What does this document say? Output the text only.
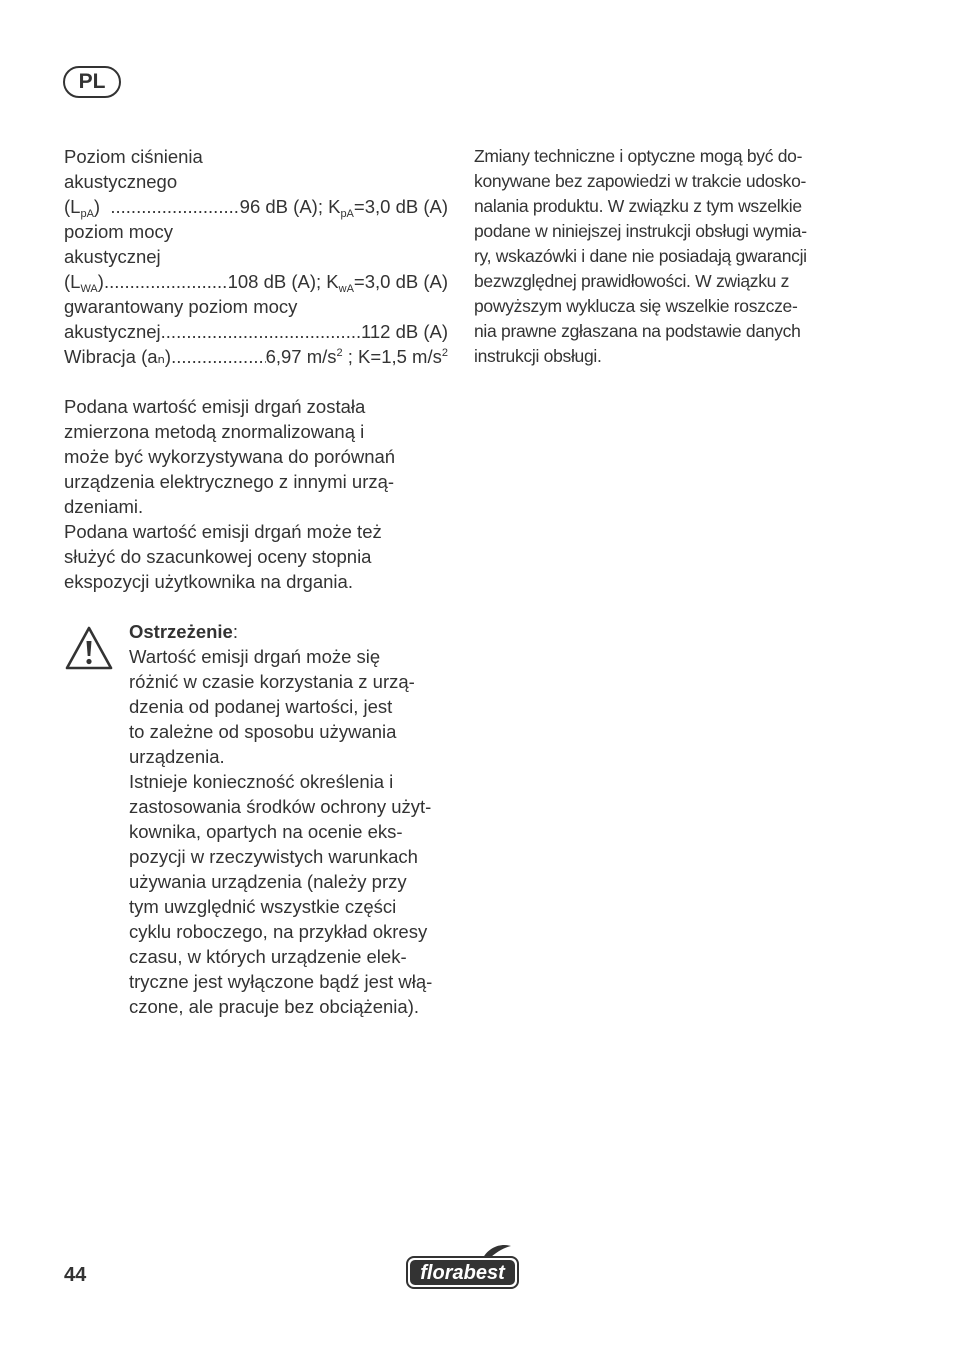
PL
Poziom ciśnienia
akustycznego
$(L_{pA})$ .....	96 dB (A); $K_{pA}=3,0$ dB (A)
poziom mocy
akustycznej
$(L_{WA})$ .....	108 dB (A); $K_{wA}=3,0$ dB (A)
gwarantowany poziom mocy
akustycznej .....	112 dB (A)
Wibracja (aₙ) .....	6,97 $m/s^2$ ; K=1,5 $m/s^2$
Podana wartość emisji drgań została
zmierzona metodą znormalizowaną i
może być wykorzystywana do porównań
urządzenia elektrycznego z innymi urzą-
dzeniami.
Podana wartość emisji drgań może też
służyć do szacunkowej oceny stopnia
ekspozycji użytkownika na drgania.
Ostrzeżenie:
Wartość emisji drgań może się
różnić w czasie korzystania z urzą-
dzenia od podanej wartości, jest
to zależne od sposobu używania
urządzenia.
Istnieje konieczność określenia i
zastosowania środków ochrony użyt-
kownika, opartych na ocenie eks-
pozycji w rzeczywistych warunkach
używania urządzenia (należy przy
tym uwzględnić wszystkie części
cyklu roboczego, na przykład okresy
czasu, w których urządzenie elek-
tryczne jest wyłączone bądź jest włą-
czone, ale pracuje bez obciążenia).
Zmiany techniczne i optyczne mogą być do-
konywane bez zapowiedzi w trakcie udosko-
nalania produktu. W związku z tym wszelkie
podane w niniejszej instrukcji obsługi wymia-
ry, wskazówki i dane nie posiadają gwarancji
bezwzględnej prawidłowości. W związku z
powyższym wyklucza się wszelkie roszcze-
nia prawne zgłaszana na podstawie danych
instrukcji obsługi.
44	florabest
